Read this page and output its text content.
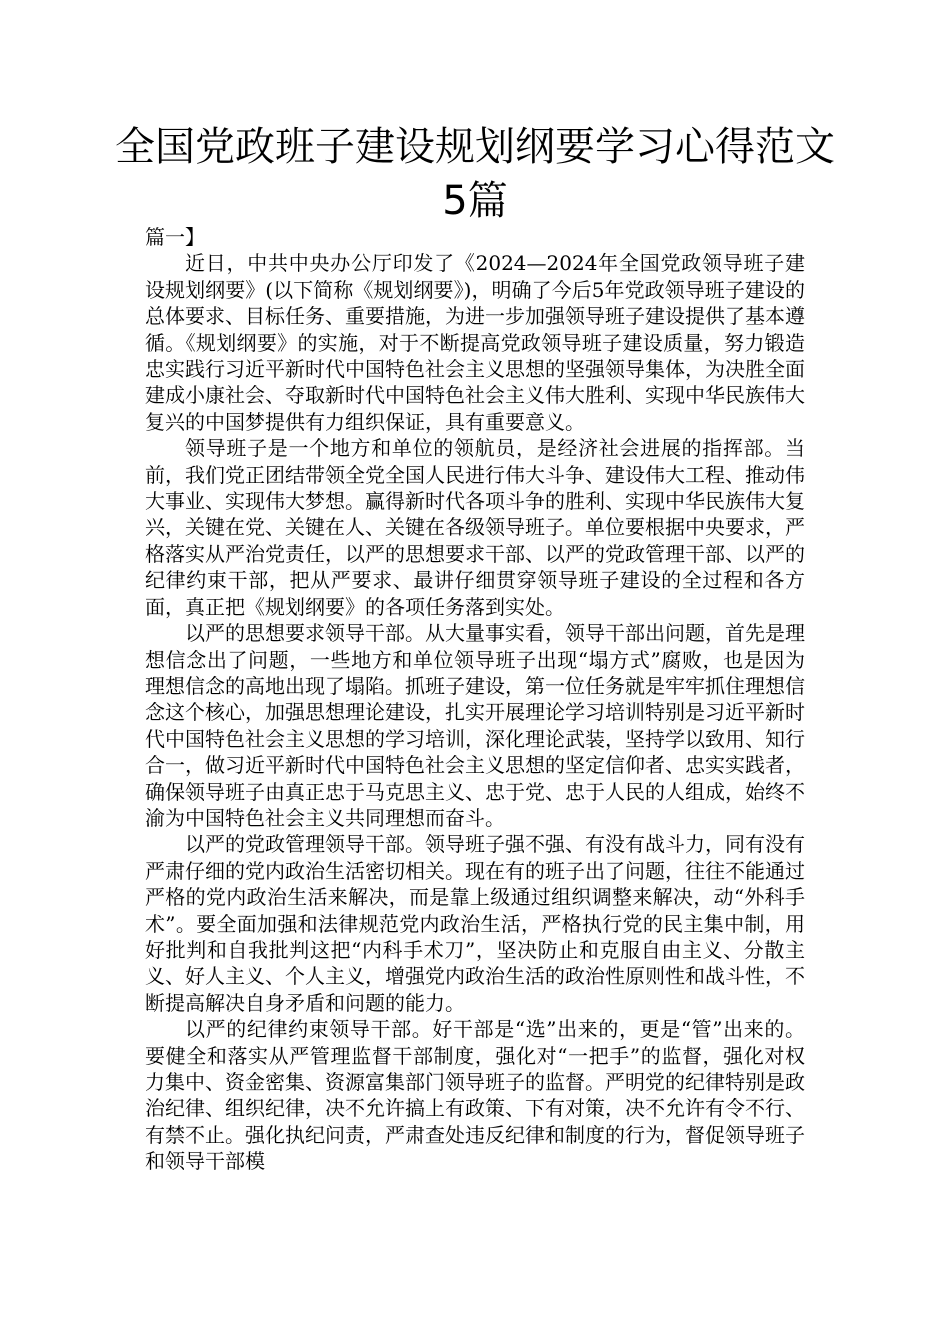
全国党政班子建设规划纲要学习心得范文5篇

篇一】

近日，中共中央办公厅印发了《2024—2024年全国党政领导班子建设规划纲要》(以下简称《规划纲要》)，明确了今后5年党政领导班子建设的总体要求、目标任务、重要措施，为进一步加强领导班子建设提供了基本遵循。《规划纲要》的实施，对于不断提高党政领导班子建设质量，努力锻造忠实践行习近平新时代中国特色社会主义思想的坚强领导集体，为决胜全面建成小康社会、夺取新时代中国特色社会主义伟大胜利、实现中华民族伟大复兴的中国梦提供有力组织保证，具有重要意义。

领导班子是一个地方和单位的领航员，是经济社会进展的指挥部。当前，我们党正团结带领全党全国人民进行伟大斗争、建设伟大工程、推动伟大事业、实现伟大梦想。赢得新时代各项斗争的胜利、实现中华民族伟大复兴，关键在党、关键在人、关键在各级领导班子。单位要根据中央要求，严格落实从严治党责任，以严的思想要求干部、以严的党政管理干部、以严的纪律约束干部，把从严要求、最讲仔细贯穿领导班子建设的全过程和各方面，真正把《规划纲要》的各项任务落到实处。

以严的思想要求领导干部。从大量事实看，领导干部出问题，首先是理想信念出了问题，一些地方和单位领导班子出现“塌方式”腐败，也是因为理想信念的高地出现了塌陷。抓班子建设，第一位任务就是牢牢抓住理想信念这个核心，加强思想理论建设，扎实开展理论学习培训特别是习近平新时代中国特色社会主义思想的学习培训，深化理论武装，坚持学以致用、知行合一，做习近平新时代中国特色社会主义思想的坚定信仰者、忠实实践者，确保领导班子由真正忠于马克思主义、忠于党、忠于人民的人组成，始终不渝为中国特色社会主义共同理想而奋斗。

以严的党政管理领导干部。领导班子强不强、有没有战斗力，同有没有严肃仔细的党内政治生活密切相关。现在有的班子出了问题，往往不能通过严格的党内政治生活来解决，而是靠上级通过组织调整来解决，动“外科手术”。要全面加强和法律规范党内政治生活，严格执行党的民主集中制，用好批判和自我批判这把“内科手术刀”，坚决防止和克服自由主义、分散主义、好人主义、个人主义，增强党内政治生活的政治性原则性和战斗性，不断提高解决自身矛盾和问题的能力。

以严的纪律约束领导干部。好干部是“选”出来的，更是“管”出来的。要健全和落实从严管理监督干部制度，强化对“一把手”的监督，强化对权力集中、资金密集、资源富集部门领导班子的监督。严明党的纪律特别是政治纪律、组织纪律，决不允许搞上有政策、下有对策，决不允许有令不行、有禁不止。强化执纪问责，严肃查处违反纪律和制度的行为，督促领导班子和领导干部模
